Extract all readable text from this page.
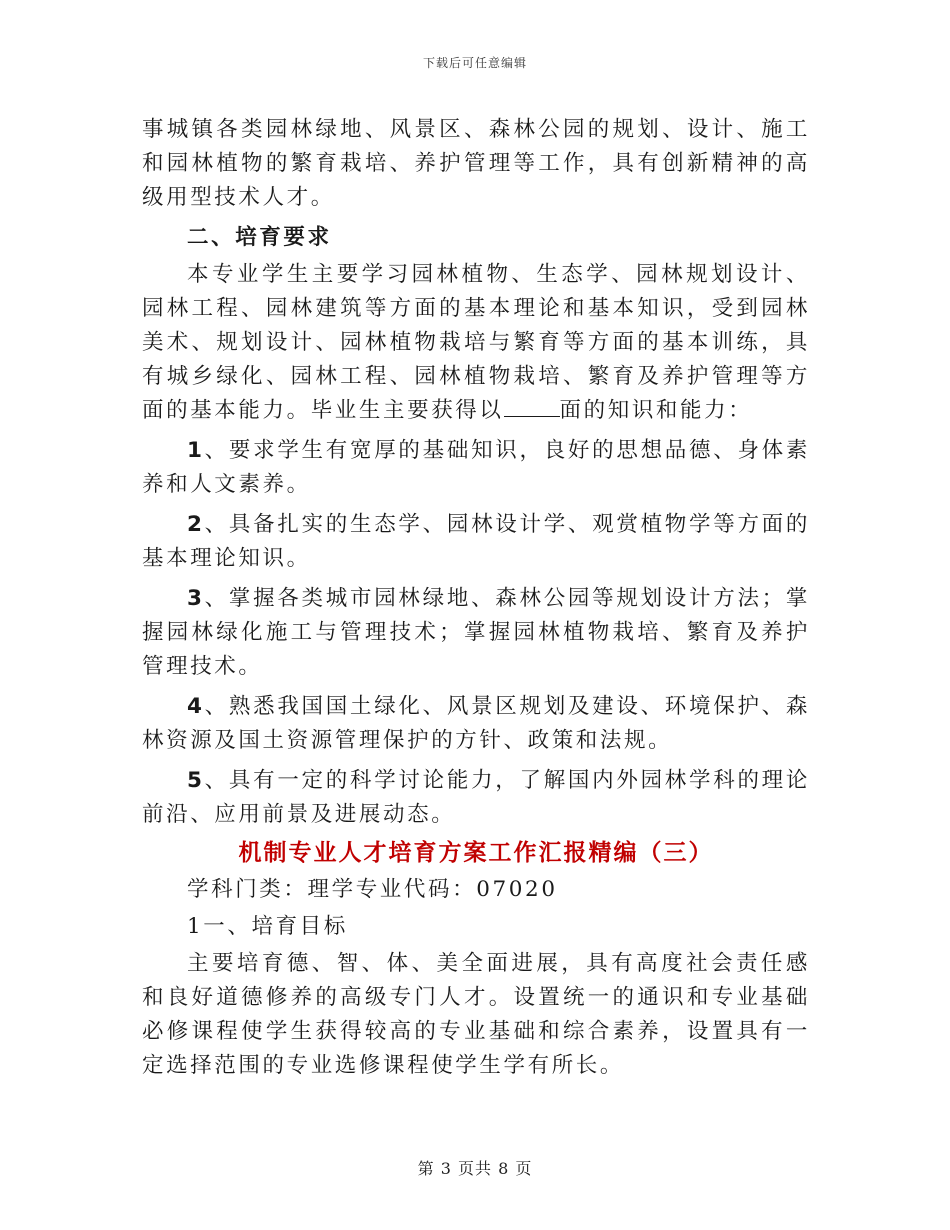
下载后可任意编辑

事城镇各类园林绿地、风景区、森林公园的规划、设计、施工和园林植物的繁育栽培、养护管理等工作，具有创新精神的高级用型技术人才。

二、培育要求

本专业学生主要学习园林植物、生态学、园林规划设计、园林工程、园林建筑等方面的基本理论和基本知识，受到园林美术、规划设计、园林植物栽培与繁育等方面的基本训练，具有城乡绿化、园林工程、园林植物栽培、繁育及养护管理等方面的基本能力。毕业生主要获得以	面的知识和能力：

1、要求学生有宽厚的基础知识，良好的思想品德、身体素养和人文素养。

2、具备扎实的生态学、园林设计学、观赏植物学等方面的基本理论知识。

3、掌握各类城市园林绿地、森林公园等规划设计方法；掌握园林绿化施工与管理技术；掌握园林植物栽培、繁育及养护管理技术。

4、熟悉我国国土绿化、风景区规划及建设、环境保护、森林资源及国土资源管理保护的方针、政策和法规。

5、具有一定的科学讨论能力，了解国内外园林学科的理论前沿、应用前景及进展动态。

机制专业人才培育方案工作汇报精编（三）

学科门类：理学专业代码：07020

1一、培育目标

主要培育德、智、体、美全面进展，具有高度社会责任感和良好道德修养的高级专门人才。设置统一的通识和专业基础必修课程使学生获得较高的专业基础和综合素养，设置具有一定选择范围的专业选修课程使学生学有所长。

第 3 页共 8 页
